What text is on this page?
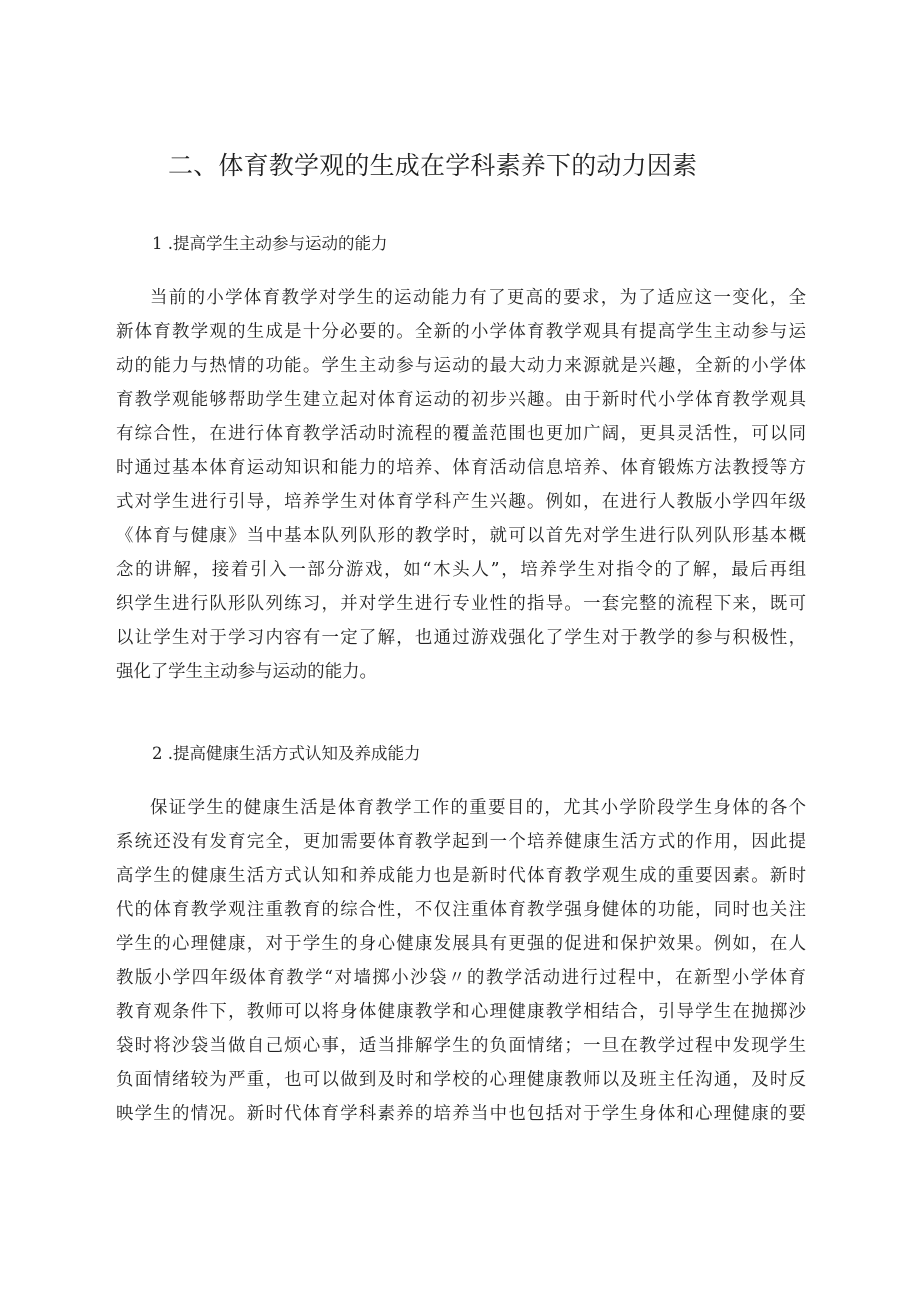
二、体育教学观的生成在学科素养下的动力因素
1 .提高学生主动参与运动的能力
当前的小学体育教学对学生的运动能力有了更高的要求，为了适应这一变化，全
新体育教学观的生成是十分必要的。全新的小学体育教学观具有提高学生主动参与运
动的能力与热情的功能。学生主动参与运动的最大动力来源就是兴趣，全新的小学体
育教学观能够帮助学生建立起对体育运动的初步兴趣。由于新时代小学体育教学观具
有综合性，在进行体育教学活动时流程的覆盖范围也更加广阔，更具灵活性，可以同
时通过基本体育运动知识和能力的培养、体育活动信息培养、体育锻炼方法教授等方
式对学生进行引导，培养学生对体育学科产生兴趣。例如，在进行人教版小学四年级
《体育与健康》当中基本队列队形的教学时，就可以首先对学生进行队列队形基本概
念的讲解，接着引入一部分游戏，如“木头人”，培养学生对指令的了解，最后再组
织学生进行队形队列练习，并对学生进行专业性的指导。一套完整的流程下来，既可
以让学生对于学习内容有一定了解，也通过游戏强化了学生对于教学的参与积极性，
强化了学生主动参与运动的能力。
2 .提高健康生活方式认知及养成能力
保证学生的健康生活是体育教学工作的重要目的，尤其小学阶段学生身体的各个
系统还没有发育完全，更加需要体育教学起到一个培养健康生活方式的作用，因此提
高学生的健康生活方式认知和养成能力也是新时代体育教学观生成的重要因素。新时
代的体育教学观注重教育的综合性，不仅注重体育教学强身健体的功能，同时也关注
学生的心理健康，对于学生的身心健康发展具有更强的促进和保护效果。例如，在人
教版小学四年级体育教学“对墙掷小沙袋〃的教学活动进行过程中，在新型小学体育
教育观条件下，教师可以将身体健康教学和心理健康教学相结合，引导学生在抛掷沙
袋时将沙袋当做自己烦心事，适当排解学生的负面情绪；一旦在教学过程中发现学生
负面情绪较为严重，也可以做到及时和学校的心理健康教师以及班主任沟通，及时反
映学生的情况。新时代体育学科素养的培养当中也包括对于学生身体和心理健康的要
